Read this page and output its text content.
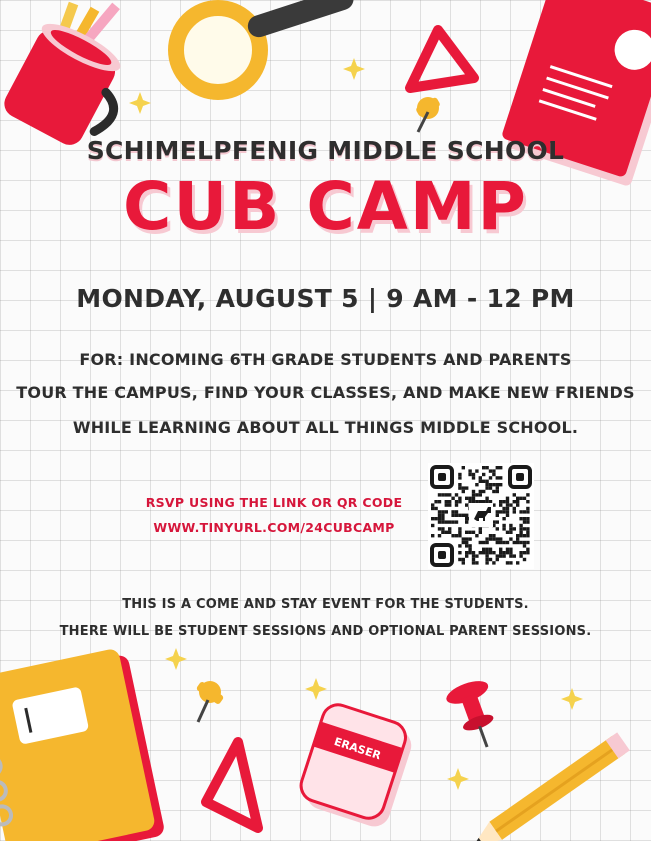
SCHIMELPFENIG MIDDLE SCHOOL
CUB CAMP
MONDAY, AUGUST 5 | 9 AM - 12 PM
FOR: INCOMING 6TH GRADE STUDENTS AND PARENTS
TOUR THE CAMPUS, FIND YOUR CLASSES, AND MAKE NEW FRIENDS
WHILE LEARNING ABOUT ALL THINGS MIDDLE SCHOOL.
RSVP USING THE LINK OR QR CODE
WWW.TINYURL.COM/24CUBCAMP
THIS IS A COME AND STAY EVENT FOR THE STUDENTS.
THERE WILL BE STUDENT SESSIONS AND OPTIONAL PARENT SESSIONS.
ERASER
